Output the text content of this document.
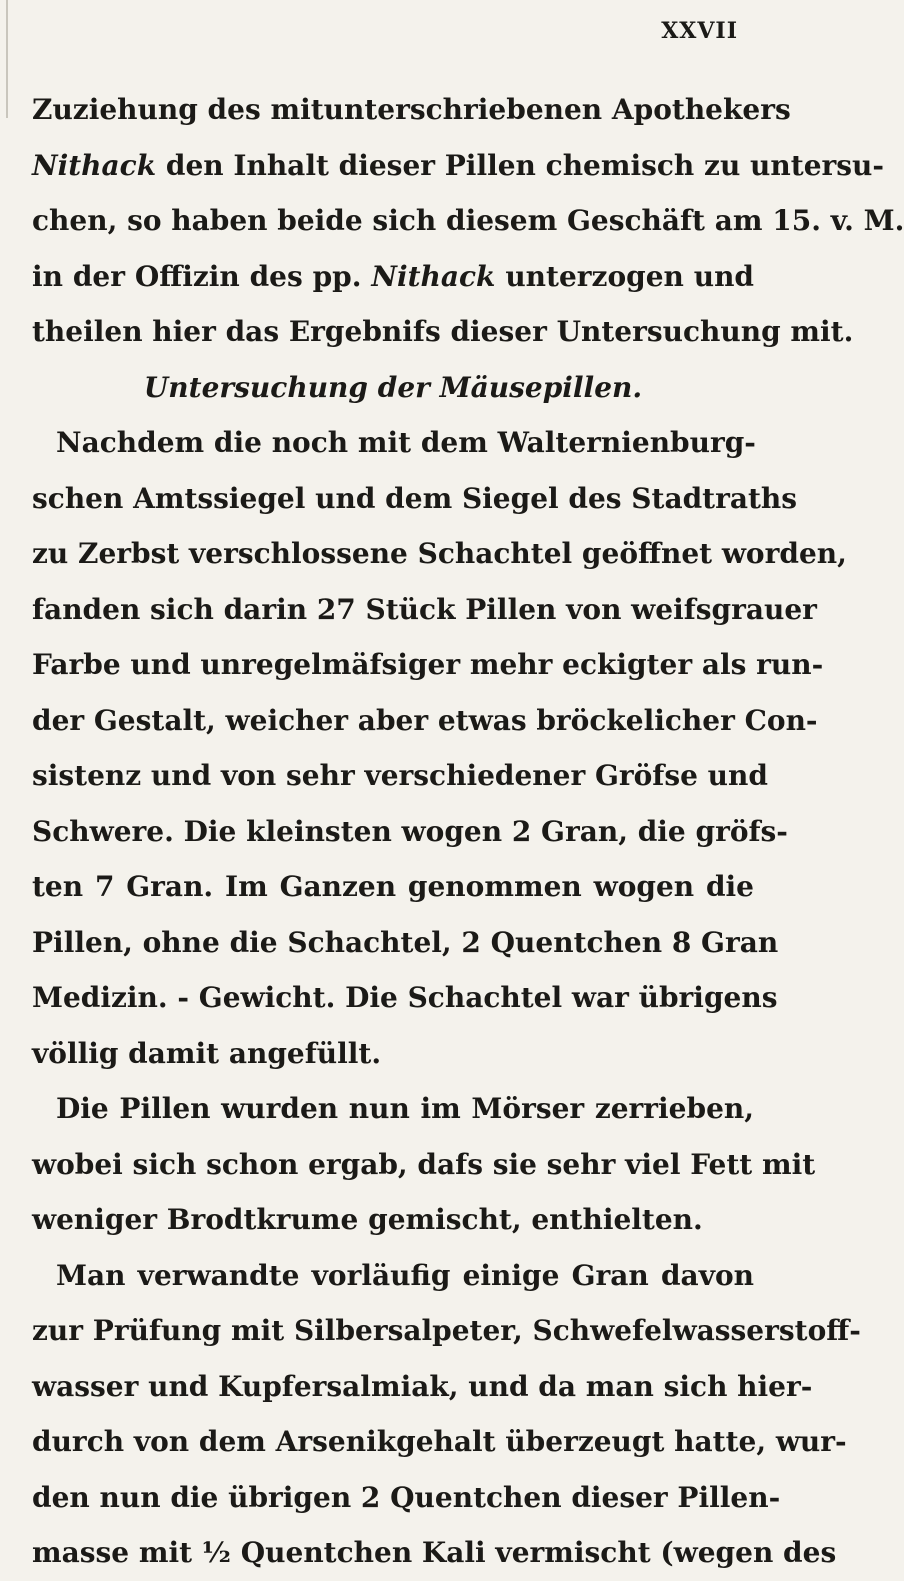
XXVII
Zuziehung des mitunterschriebenen Apothekers
Nithack den Inhalt dieser Pillen chemisch zu untersu-
chen, so haben beide sich diesem Geschäft am 15. v. M.
in der Offizin des pp. Nithack unterzogen und
theilen hier das Ergebnifs dieser Untersuchung mit.
Untersuchung der Mäusepillen.
Nachdem die noch mit dem Walternienburg-
schen Amtssiegel und dem Siegel des Stadtraths
zu Zerbst verschlossene Schachtel geöffnet worden,
fanden sich darin 27 Stück Pillen von weifsgrauer
Farbe und unregelmäfsiger mehr eckigter als run-
der Gestalt, weicher aber etwas bröckelicher Con-
sistenz und von sehr verschiedener Gröfse und
Schwere. Die kleinsten wogen 2 Gran, die gröfs-
ten 7 Gran. Im Ganzen genommen wogen die
Pillen, ohne die Schachtel, 2 Quentchen 8 Gran
Medizin. - Gewicht. Die Schachtel war übrigens
völlig damit angefüllt.
Die Pillen wurden nun im Mörser zerrieben,
wobei sich schon ergab, dafs sie sehr viel Fett mit
weniger Brodtkrume gemischt, enthielten.
Man verwandte vorläufig einige Gran davon
zur Prüfung mit Silbersalpeter, Schwefelwasserstoff-
wasser und Kupfersalmiak, und da man sich hier-
durch von dem Arsenikgehalt überzeugt hatte, wur-
den nun die übrigen 2 Quentchen dieser Pillen-
masse mit ½ Quentchen Kali vermischt (wegen des
